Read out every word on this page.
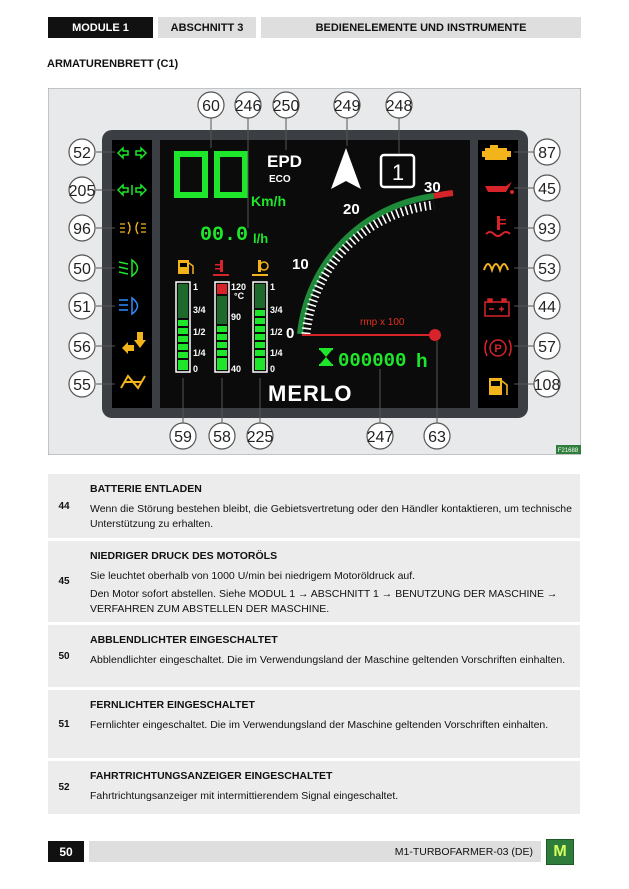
MODULE 1	ABSCHNITT 3	BEDIENELEMENTE UND INSTRUMENTE
ARMATURENBRETT (C1)
Km/h
00.0 l/h
EPD
ECO	1
0
10
20
30
rmp x 100
000000 h
1
3/4
1/2
1/4
0
120
°C
90
40
1
3/4
1/2
1/4
0
MERLO
P
60 246 250 249 248
52
205
96
50
51
56
55
87
45
93
53
44
57
108
59 58 225	247 63
F21688
44
BATTERIE ENTLADEN

Wenn die Störung bestehen bleibt, die Gebietsvertretung oder den Händler kontaktieren, um technische Unterstützung zu erhalten.

45
NIEDRIGER DRUCK DES MOTORÖLS

Sie leuchtet oberhalb von 1000 U/min bei niedrigem Motoröldruck auf.

Den Motor sofort abstellen. Siehe MODUL 1 → ABSCHNITT 1 → BENUTZUNG DER MASCHINE → VERFAHREN ZUM ABSTELLEN DER MASCHINE.

50
ABBLENDLICHTER EINGESCHALTET

Abblendlichter eingeschaltet. Die im Verwendungsland der Maschine geltenden Vorschriften einhalten.

51
FERNLICHTER EINGESCHALTET

Fernlichter eingeschaltet. Die im Verwendungsland der Maschine geltenden Vorschriften einhalten.

52
FAHRTRICHTUNGSANZEIGER EINGESCHALTET

Fahrtrichtungsanzeiger mit intermittierendem Signal eingeschaltet.

50	M1-TURBOFARMER-03 (DE)	M
